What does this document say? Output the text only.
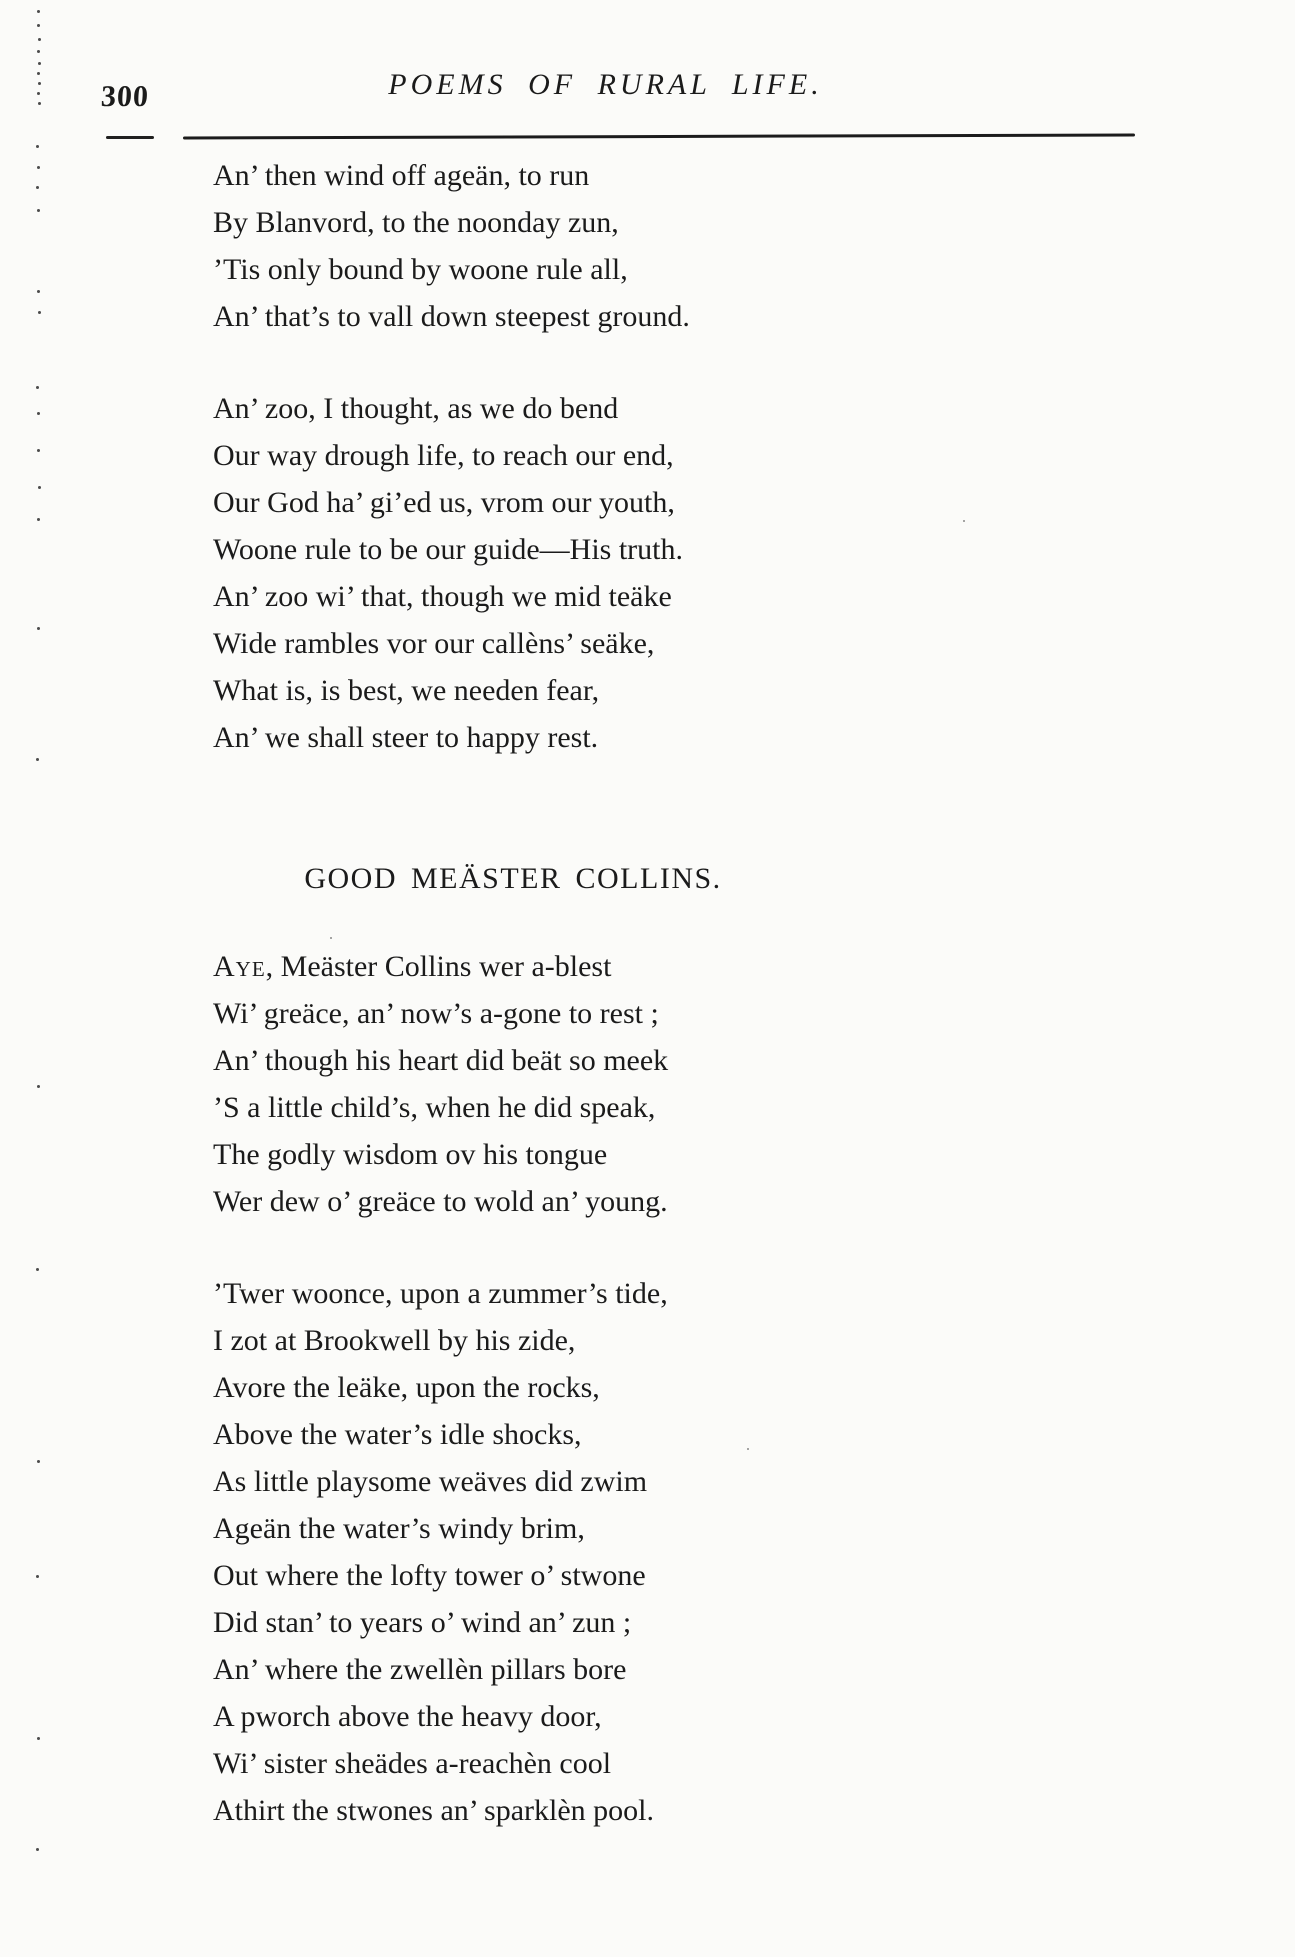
300	POEMS OF RURAL LIFE.
An’ then wind off ageän, to run
By Blanvord, to the noonday zun,
’Tis only bound by woone rule all,
An’ that’s to vall down steepest ground.
An’ zoo, I thought, as we do bend
Our way drough life, to reach our end,
Our God ha’ gi’ed us, vrom our youth,
Woone rule to be our guide—His truth.
An’ zoo wi’ that, though we mid teäke
Wide rambles vor our callèns’ seäke,
What is, is best, we needen fear,
An’ we shall steer to happy rest.
GOOD MEÄSTER COLLINS.
Aye, Meäster Collins wer a-blest
Wi’ greäce, an’ now’s a-gone to rest ;
An’ though his heart did beät so meek
’S a little child’s, when he did speak,
The godly wisdom ov his tongue
Wer dew o’ greäce to wold an’ young.
’Twer woonce, upon a zummer’s tide,
I zot at Brookwell by his zide,
Avore the leäke, upon the rocks,
Above the water’s idle shocks,
As little playsome weäves did zwim
Ageän the water’s windy brim,
Out where the lofty tower o’ stwone
Did stan’ to years o’ wind an’ zun ;
An’ where the zwellèn pillars bore
A pworch above the heavy door,
Wi’ sister sheädes a-reachèn cool
Athirt the stwones an’ sparklèn pool.
